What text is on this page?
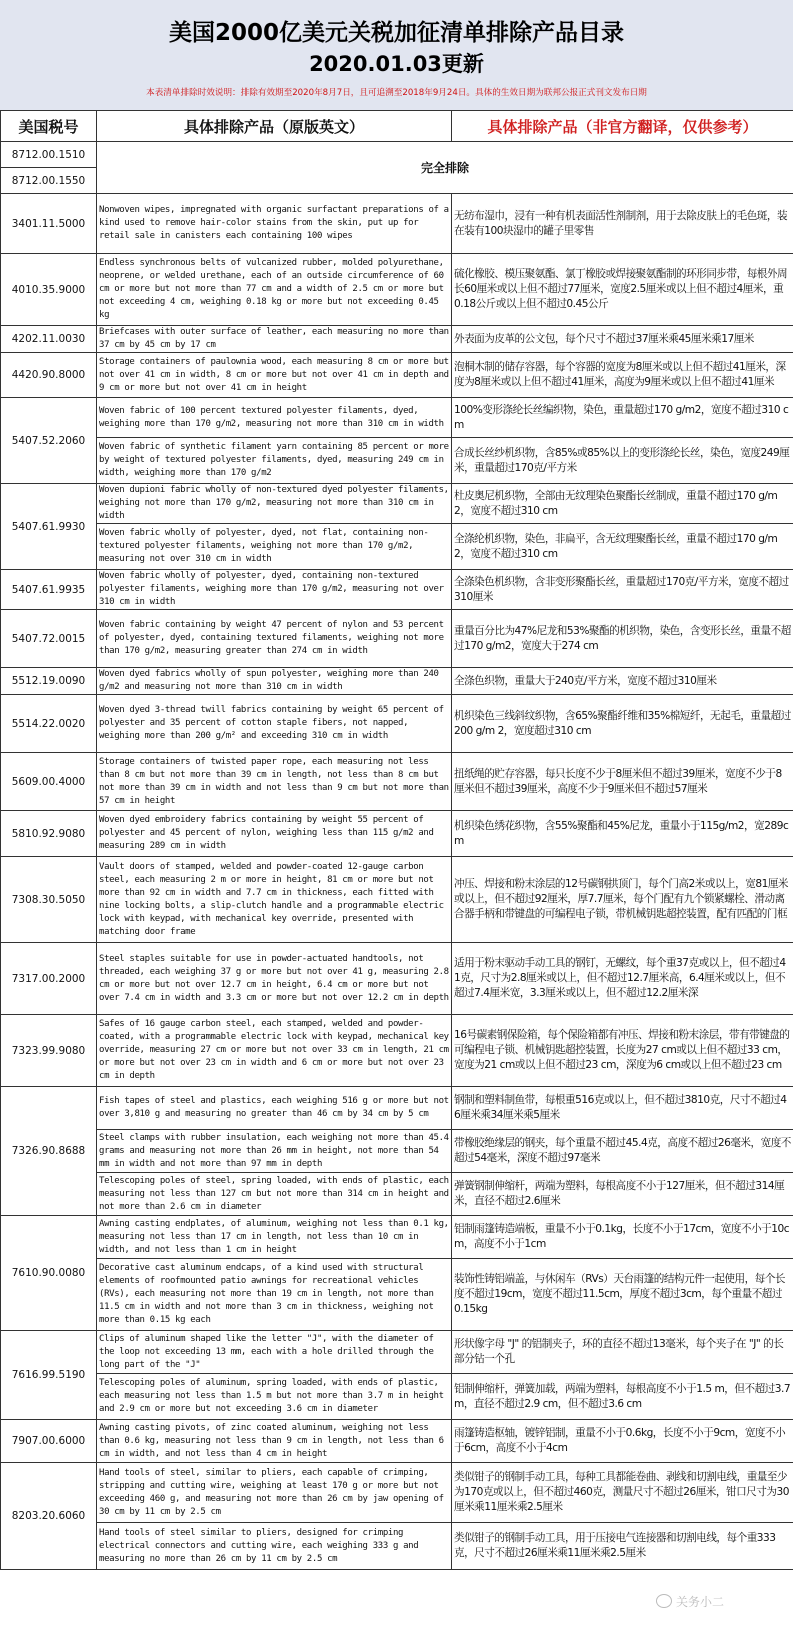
美国2000亿美元关税加征清单排除产品目录
2020.01.03更新
本表清单排除时效说明：排除有效期至2020年8月7日，且可追溯至2018年9月24日。具体的生效日期为联邦公报正式刊文发布日期
美国税号	具体排除产品（原版英文）	具体排除产品（非官方翻译，仅供参考）
8712.00.1510	完全排除	
8712.00.1550		
3401.11.5000	Nonwoven wipes, impregnated with organic surfactant preparations of a kind used to remove hair-color stains from the skin, put up for retail sale in canisters each containing 100 wipes	无纺布湿巾，浸有一种有机表面活性剂制剂，用于去除皮肤上的毛色斑，装在装有100块湿巾的罐子里零售
4010.35.9000	Endless synchronous belts of vulcanized rubber, molded polyurethane, neoprene, or welded urethane, each of an outside circumference of 60 cm or more but not more than 77 cm and a width of 2.5 cm or more but not exceeding 4 cm, weighing 0.18 kg or more but not exceeding 0.45 kg	硫化橡胶、模压聚氨酯、氯丁橡胶或焊接聚氨酯制的环形同步带，每根外周长60厘米或以上但不超过77厘米，宽度2.5厘米或以上但不超过4厘米，重0.18公斤或以上但不超过0.45公斤
4202.11.0030	Briefcases with outer surface of leather, each measuring no more than 37 cm by 45 cm by 17 cm	外表面为皮革的公文包，每个尺寸不超过37厘米乘45厘米乘17厘米
4420.90.8000	Storage containers of paulownia wood, each measuring 8 cm or more but not over 41 cm in width, 8 cm or more but not over 41 cm in depth and 9 cm or more but not over 41 cm in height	泡桐木制的储存容器，每个容器的宽度为8厘米或以上但不超过41厘米，深度为8厘米或以上但不超过41厘米，高度为9厘米或以上但不超过41厘米
5407.52.2060	Woven fabric of 100 percent textured polyester filaments, dyed, weighing more than 170 g/m2, measuring not more than 310 cm in width	100%变形涤纶长丝编织物，染色，重量超过170 g/m2，宽度不超过310 cm
	Woven fabric of synthetic filament yarn containing 85 percent or more by weight of textured polyester filaments, dyed, measuring 249 cm in width, weighing more than 170 g/m2	合成长丝纱机织物，含85%或85%以上的变形涤纶长丝，染色，宽度249厘米，重量超过170克/平方米
5407.61.9930	Woven dupioni fabric wholly of non-textured dyed polyester filaments, weighing not more than 170 g/m2, measuring not more than 310 cm in width	杜皮奥尼机织物，全部由无纹理染色聚酯长丝制成，重量不超过170 g/m2，宽度不超过310 cm
	Woven fabric wholly of polyester, dyed, not flat, containing non-textured polyester filaments, weighing not more than 170 g/m2, measuring not over 310 cm in width	全涤纶机织物，染色，非扁平，含无纹理聚酯长丝，重量不超过170 g/m2，宽度不超过310 cm
5407.61.9935	Woven fabric wholly of polyester, dyed, containing non-textured polyester filaments, weighing more than 170 g/m2, measuring not over 310 cm in width	全涤染色机织物，含非变形聚酯长丝，重量超过170克/平方米，宽度不超过310厘米
5407.72.0015	Woven fabric containing by weight 47 percent of nylon and 53 percent of polyester, dyed, containing textured filaments, weighing not more than 170 g/m2, measuring greater than 274 cm in width	重量百分比为47%尼龙和53%聚酯的机织物，染色，含变形长丝，重量不超过170 g/m2，宽度大于274 cm
5512.19.0090	Woven dyed fabrics wholly of spun polyester, weighing more than 240 g/m2 and measuring not more than 310 cm in width	全涤色织物，重量大于240克/平方米，宽度不超过310厘米
5514.22.0020	Woven dyed 3-thread twill fabrics containing by weight 65 percent of polyester and 35 percent of cotton staple fibers, not napped, weighing more than 200 g/m² and exceeding 310 cm in width	机织染色三线斜纹织物，含65%聚酯纤维和35%棉短纤，无起毛，重量超过200 g/m 2，宽度超过310 cm
5609.00.4000	Storage containers of twisted paper rope, each measuring not less than 8 cm but not more than 39 cm in length, not less than 8 cm but not more than 39 cm in width and not less than 9 cm but not more than 57 cm in height	扭纸绳的贮存容器，每只长度不少于8厘米但不超过39厘米，宽度不少于8厘米但不超过39厘米，高度不少于9厘米但不超过57厘米
5810.92.9080	Woven dyed embroidery fabrics containing by weight 55 percent of polyester and 45 percent of nylon, weighing less than 115 g/m2 and measuring 289 cm in width	机织染色绣花织物，含55%聚酯和45%尼龙，重量小于115g/m2，宽289cm
7308.30.5050	Vault doors of stamped, welded and powder-coated 12-gauge carbon steel, each measuring 2 m or more in height, 81 cm or more but not more than 92 cm in width and 7.7 cm in thickness, each fitted with nine locking bolts, a slip-clutch handle and a programmable electric lock with keypad, with mechanical key override, presented with matching door frame	冲压、焊接和粉末涂层的12号碳钢拱顶门，每个门高2米或以上，宽81厘米或以上，但不超过92厘米，厚7.7厘米，每个门配有九个锁紧螺栓、滑动离合器手柄和带键盘的可编程电子锁，带机械钥匙超控装置，配有匹配的门框
7317.00.2000	Steel staples suitable for use in powder-actuated handtools, not threaded, each weighing 37 g or more but not over 41 g, measuring 2.8 cm or more but not over 12.7 cm in height, 6.4 cm or more but not over 7.4 cm in width and 3.3 cm or more but not over 12.2 cm in depth	适用于粉末驱动手动工具的钢钉，无螺纹，每个重37克或以上，但不超过41克，尺寸为2.8厘米或以上，但不超过12.7厘米高，6.4厘米或以上，但不超过7.4厘米宽，3.3厘米或以上，但不超过12.2厘米深
7323.99.9080	Safes of 16 gauge carbon steel, each stamped, welded and powder-coated, with a programmable electric lock with keypad, mechanical key override, measuring 27 cm or more but not over 33 cm in length, 21 cm or more but not over 23 cm in width and 6 cm or more but not over 23 cm in depth	16号碳素钢保险箱，每个保险箱都有冲压、焊接和粉末涂层，带有带键盘的可编程电子锁、机械钥匙超控装置，长度为27 cm或以上但不超过33 cm，宽度为21 cm或以上但不超过23 cm，深度为6 cm或以上但不超过23 cm
7326.90.8688	Fish tapes of steel and plastics, each weighing 516 g or more but not over 3,810 g and measuring no greater than 46 cm by 34 cm by 5 cm	钢制和塑料制鱼带，每根重516克或以上，但不超过3810克，尺寸不超过46厘米乘34厘米乘5厘米
	Steel clamps with rubber insulation, each weighing not more than 45.4 grams and measuring not more than 26 mm in height, not more than 54 mm in width and not more than 97 mm in depth	带橡胶绝缘层的钢夹，每个重量不超过45.4克，高度不超过26毫米，宽度不超过54毫米，深度不超过97毫米
	Telescoping poles of steel, spring loaded, with ends of plastic, each measuring not less than 127 cm but not more than 314 cm in height and not more than 2.6 cm in diameter	弹簧钢制伸缩杆，两端为塑料，每根高度不小于127厘米，但不超过314厘米，直径不超过2.6厘米
7610.90.0080	Awning casting endplates, of aluminum, weighing not less than 0.1 kg, measuring not less than 17 cm in length, not less than 10 cm in width, and not less than 1 cm in height	铝制雨篷铸造端板，重量不小于0.1kg，长度不小于17cm，宽度不小于10cm，高度不小于1cm
	Decorative cast aluminum endcaps, of a kind used with structural elements of roofmounted patio awnings for recreational vehicles (RVs), each measuring not more than 19 cm in length, not more than 11.5 cm in width and not more than 3 cm in thickness, weighing not more than 0.15 kg each	装饰性铸铝端盖，与休闲车（RVs）天台雨篷的结构元件一起使用，每个长度不超过19cm，宽度不超过11.5cm，厚度不超过3cm，每个重量不超过0.15kg
7616.99.5190	Clips of aluminum shaped like the letter "J", with the diameter of the loop not exceeding 13 mm, each with a hole drilled through the long part of the "J"	形状像字母 "J" 的铝制夹子，环的直径不超过13毫米，每个夹子在 "J" 的长部分钻一个孔
	Telescoping poles of aluminum, spring loaded, with ends of plastic, each measuring not less than 1.5 m but not more than 3.7 m in height and 2.9 cm or more but not exceeding 3.6 cm in diameter	铝制伸缩杆，弹簧加载，两端为塑料，每根高度不小于1.5 m，但不超过3.7 m，直径不超过2.9 cm，但不超过3.6 cm
7907.00.6000	Awning casting pivots, of zinc coated aluminum, weighing not less than 0.6 kg, measuring not less than 9 cm in length, not less than 6 cm in width, and not less than 4 cm in height	雨篷铸造枢轴，镀锌铝制，重量不小于0.6kg，长度不小于9cm，宽度不小于6cm，高度不小于4cm
8203.20.6060	Hand tools of steel, similar to pliers, each capable of crimping, stripping and cutting wire, weighing at least 170 g or more but not exceeding 460 g, and measuring not more than 26 cm by jaw opening of 30 cm by 11 cm by 2.5 cm	类似钳子的钢制手动工具，每种工具都能卷曲、剥线和切割电线，重量至少为170克或以上，但不超过460克，测量尺寸不超过26厘米，钳口尺寸为30厘米乘11厘米乘2.5厘米
	Hand tools of steel similar to pliers, designed for crimping electrical connectors and cutting wire, each weighing 333 g and measuring no more than 26 cm by 11 cm by 2.5 cm	类似钳子的钢制手动工具，用于压接电气连接器和切割电线，每个重333克，尺寸不超过26厘米乘11厘米乘2.5厘米
关务小二
